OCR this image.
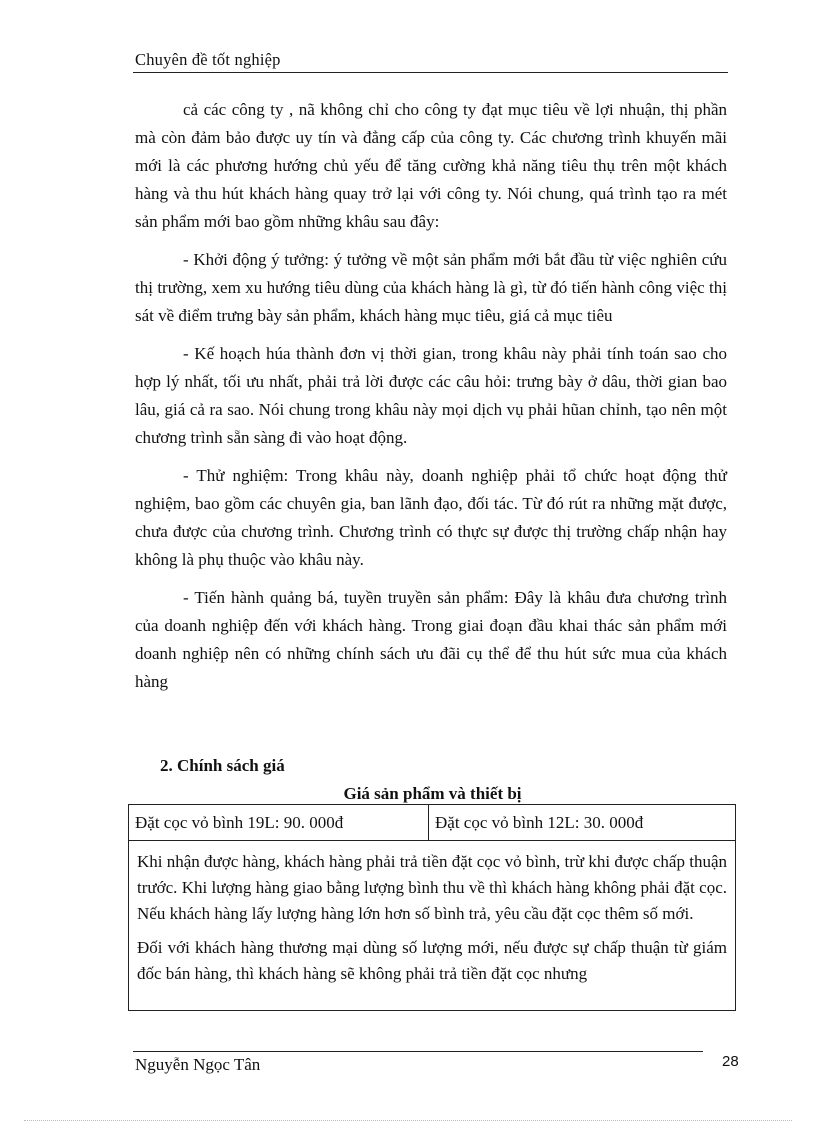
Chuyên đề tốt nghiệp

cả các công ty , nã không chỉ cho công ty đạt mục tiêu về lợi nhuận, thị phần mà còn đảm bảo được uy tín và đẳng cấp của công ty. Các chương trình khuyến mãi mới là các phương hướng chủ yếu để tăng cường khả năng tiêu thụ trên một khách hàng và thu hút khách hàng quay trở lại với công ty. Nói chung, quá trình tạo ra mét sản phẩm mới bao gồm những khâu sau đây:

- Khởi động ý tưởng: ý tưởng về một sản phẩm mới bắt đầu từ việc nghiên cứu thị trường, xem xu hướng tiêu dùng của khách hàng là gì, từ đó tiến hành công việc thị sát về điểm trưng bày sản phẩm, khách hàng mục tiêu, giá cả mục tiêu

- Kế hoạch húa thành đơn vị thời gian, trong khâu này phải tính toán sao cho hợp lý nhất, tối ưu nhất, phải trả lời được các câu hỏi: trưng bày ở dâu, thời gian bao lâu, giá cả ra sao. Nói chung trong khâu này mọi dịch vụ phải hũan chỉnh, tạo nên một chương trình sẵn sàng đi vào hoạt động.

- Thử nghiệm: Trong khâu này, doanh nghiệp phải tổ chức hoạt động thử nghiệm, bao gồm các chuyên gia, ban lãnh đạo, đối tác. Từ đó rút ra những mặt được, chưa được của chương trình. Chương trình có thực sự được thị trường chấp nhận hay không là phụ thuộc vào khâu này.

- Tiến hành quảng bá, tuyền truyền sản phẩm: Đây là khâu đưa chương trình của doanh nghiệp đến với khách hàng. Trong giai đoạn đầu khai thác sản phẩm mới doanh nghiệp nên có những chính sách ưu đãi cụ thể để thu hút sức mua của khách hàng

2. Chính sách giá
Giá sản phẩm và thiết bị
Đặt cọc vỏ bình 19L: 90. 000đ	Đặt cọc vỏ bình 12L: 30. 000đ

Khi nhận được hàng, khách hàng phải trả tiền đặt cọc vỏ bình, trừ khi được chấp thuận trước. Khi lượng hàng giao bằng lượng bình thu về thì khách hàng không phải đặt cọc. Nếu khách hàng lấy lượng hàng lớn hơn số bình trả, yêu cầu đặt cọc thêm số mới.

Đối với khách hàng thương mại dùng số lượng mới, nếu được sự chấp thuận từ giám đốc bán hàng, thì khách hàng sẽ không phải trả tiền đặt cọc nhưng

Nguyễn Ngọc Tân	28
